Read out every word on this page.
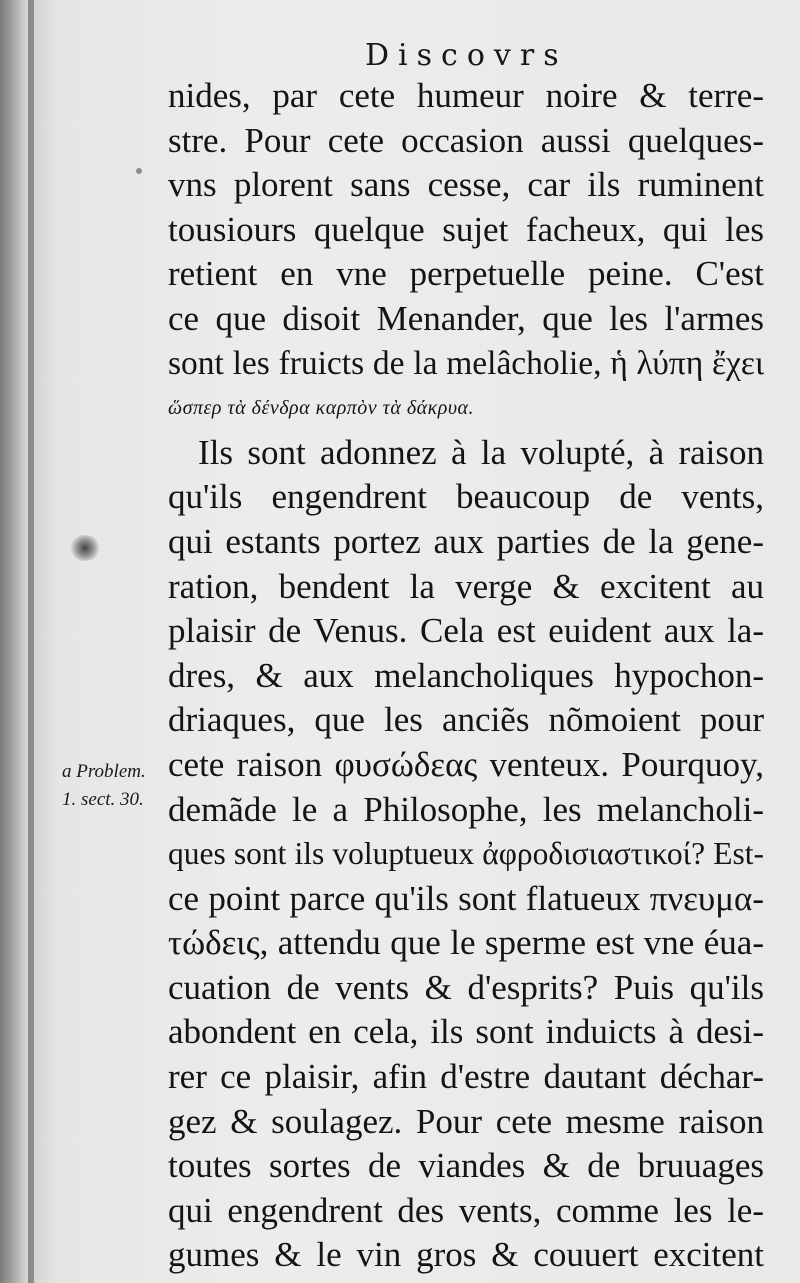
Discovrs
a Problem.
1. sect. 30.
nides, par cete humeur noire & terre-
stre. Pour cete occasion aussi quelques-
vns plorent sans cesse, car ils ruminent
tousiours quelque sujet facheux, qui les
retient en vne perpetuelle peine. C'est
ce que disoit Menander, que les l'armes
sont les fruicts de la melâcholie, ἡ λύπη ἔχει
ὥσπερ τὰ δένδρα καρπὸν τὰ δάκρυα.
Ils sont adonnez à la volupté, à raison
qu'ils engendrent beaucoup de vents,
qui estants portez aux parties de la gene-
ration, bendent la verge & excitent au
plaisir de Venus. Cela est euident aux la-
dres, & aux melancholiques hypochon-
driaques, que les anciẽs nõmoient pour
cete raison φυσώδεας venteux. Pourquoy,
demãde le a Philosophe, les melancholi-
ques sont ils voluptueux ἀφροδισιαστικοί? Est-
ce point parce qu'ils sont flatueux πνευμα-
τώδεις, attendu que le sperme est vne éua-
cuation de vents & d'esprits? Puis qu'ils
abondent en cela, ils sont induicts à desi-
rer ce plaisir, afin d'estre dautant déchar-
gez & soulagez. Pour cete mesme raison
toutes sortes de viandes & de bruuages
qui engendrent des vents, comme les le-
gumes & le vin gros & couuert excitent
